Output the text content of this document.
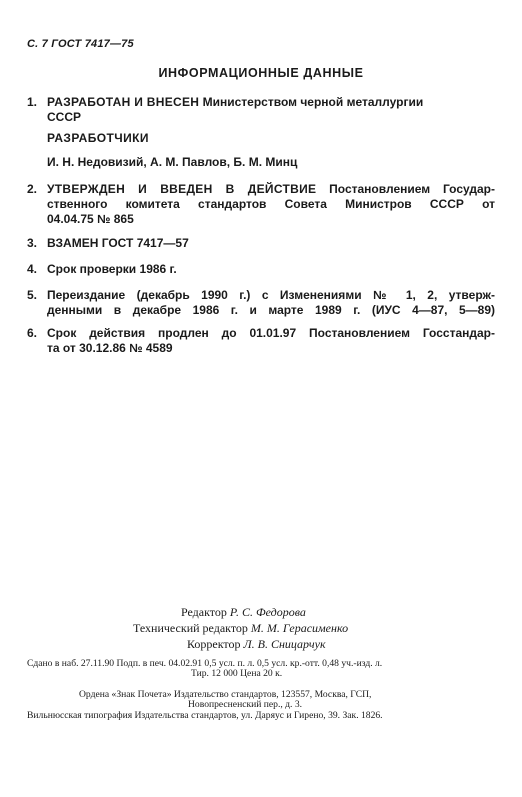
С. 7 ГОСТ 7417—75
ИНФОРМАЦИОННЫЕ ДАННЫЕ
1. РАЗРАБОТАН И ВНЕСЕН Министерством черной металлургии
СССР
РАЗРАБОТЧИКИ
И. Н. Недовизий, А. М. Павлов, Б. М. Минц
2. УТВЕРЖДЕН И ВВЕДЕН В ДЕЙСТВИЕ Постановлением Государ-
ственного комитета стандартов Совета Министров СССР от
04.04.75 № 865
3. ВЗАМЕН ГОСТ 7417—57
4. Срок проверки 1986 г.
5. Переиздание (декабрь 1990 г.) с Изменениями № 1, 2, утверж-
денными в декабре 1986 г. и марте 1989 г. (ИУС 4—87, 5—89)
6. Срок действия продлен до 01.01.97 Постановлением Госстандар-
та от 30.12.86 № 4589
Редактор Р. С. Федорова
Технический редактор М. М. Герасименко
Корректор Л. В. Сницарчук
Сдано в наб. 27.11.90 Подп. в печ. 04.02.91 0,5 усл. п. л. 0,5 усл. кр.-отт. 0,48 уч.-изд. л.
Тир. 12 000 Цена 20 к.
Ордена «Знак Почета» Издательство стандартов, 123557, Москва, ГСП,
Новопресненский пер., д. 3.
Вильнюсская типография Издательства стандартов, ул. Даряус и Гирено, 39. Зак. 1826.
